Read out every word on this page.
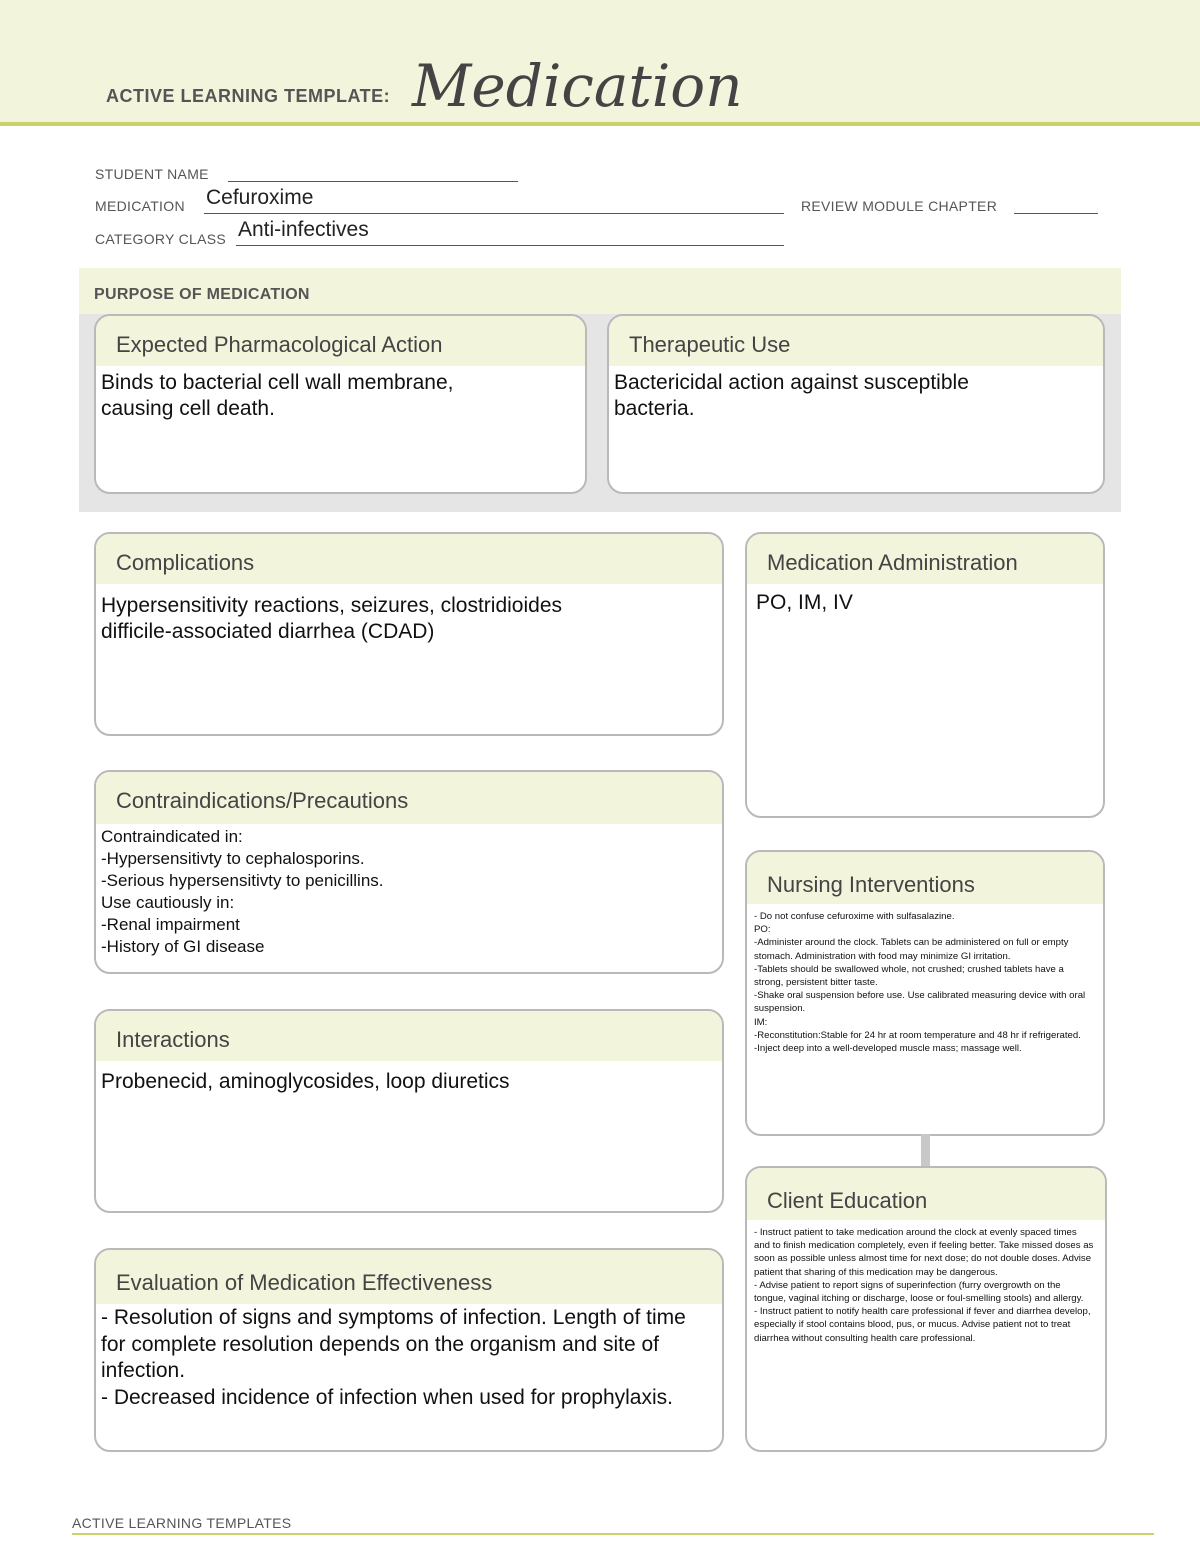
ACTIVE LEARNING TEMPLATE: Medication
STUDENT NAME
MEDICATION Cefuroxime	REVIEW MODULE CHAPTER
CATEGORY CLASS Anti-infectives
PURPOSE OF MEDICATION
Expected Pharmacological Action
Binds to bacterial cell wall membrane,
causing cell death.
Therapeutic Use
Bactericidal action against susceptible
bacteria.
Complications
Hypersensitivity reactions, seizures, clostridioides
difficile-associated diarrhea (CDAD)
Contraindications/Precautions
Contraindicated in:
-Hypersensitivty to cephalosporins.
-Serious hypersensitivty to penicillins.
Use cautiously in:
-Renal impairment
-History of GI disease
Interactions
Probenecid, aminoglycosides, loop diuretics
Evaluation of Medication Effectiveness
- Resolution of signs and symptoms of infection. Length of time for complete resolution depends on the organism and site of infection.
- Decreased incidence of infection when used for prophylaxis.
Medication Administration
PO, IM, IV
Nursing Interventions
- Do not confuse cefuroxime with sulfasalazine.
PO:
-Administer around the clock. Tablets can be administered on full or empty stomach. Administration with food may minimize GI irritation.
-Tablets should be swallowed whole, not crushed; crushed tablets have a strong, persistent bitter taste.
-Shake oral suspension before use. Use calibrated measuring device with oral suspension.
IM:
-Reconstitution:Stable for 24 hr at room temperature and 48 hr if refrigerated.
-Inject deep into a well-developed muscle mass; massage well.
Client Education
- Instruct patient to take medication around the clock at evenly spaced times and to finish medication completely, even if feeling better. Take missed doses as soon as possible unless almost time for next dose; do not double doses. Advise patient that sharing of this medication may be dangerous.
- Advise patient to report signs of superinfection (furry overgrowth on the tongue, vaginal itching or discharge, loose or foul-smelling stools) and allergy.
- Instruct patient to notify health care professional if fever and diarrhea develop, especially if stool contains blood, pus, or mucus. Advise patient not to treat diarrhea without consulting health care professional.
ACTIVE LEARNING TEMPLATES
